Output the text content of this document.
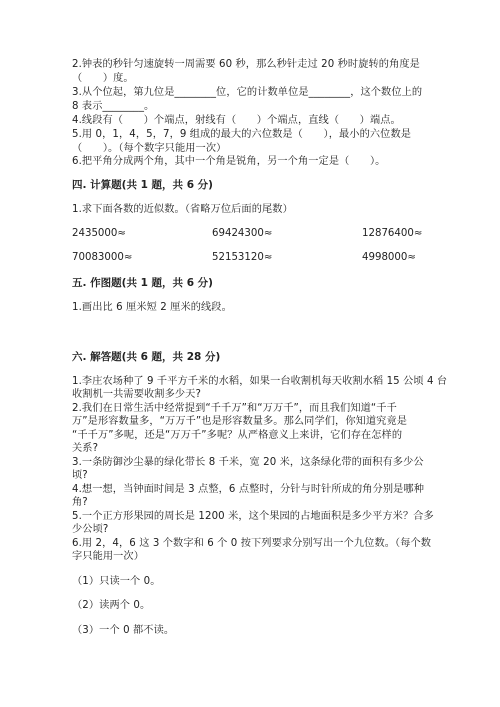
2.钟表的秒针匀速旋转一周需要 60 秒，那么秒针走过 20 秒时旋转的角度是
（　　）度。
3.从个位起，第九位是________位，它的计数单位是________，这个数位上的
8 表示________。
4.线段有（　　）个端点，射线有（　　）个端点，直线（　　）端点。
5.用 0，1，4，5，7，9 组成的最大的六位数是（　　），最小的六位数是
（　　）。（每个数字只能用一次）
6.把平角分成两个角，其中一个角是锐角，另一个角一定是（　　）。
四. 计算题(共 1 题，共 6 分)
1.求下面各数的近似数。（省略万位后面的尾数）
2435000≈	69424300≈	12876400≈
70083000≈	52153120≈	4998000≈
五. 作图题(共 1 题，共 6 分)
1.画出比 6 厘米短 2 厘米的线段。
六. 解答题(共 6 题，共 28 分)
1.李庄农场种了 9 千平方千米的水稻，如果一台收割机每天收割水稻 15 公顷 4 台
收割机一共需要收割多少天?
2.我们在日常生活中经常提到“千千万”和“万万千”，而且我们知道“千千
万”是形容数量多，“万万千”也是形容数量多。那么同学们，你知道究竟是
“千千万”多呢，还是“万万千”多呢？从严格意义上来讲，它们存在怎样的
关系?
3.一条防御沙尘暴的绿化带长 8 千米，宽 20 米，这条绿化带的面积有多少公
顷?
4.想一想，当钟面时间是 3 点整，6 点整时，分针与时针所成的角分别是哪种
角?
5.一个正方形果园的周长是 1200 米，这个果园的占地面积是多少平方米？合多
少公顷?
6.用 2，4，6 这 3 个数字和 6 个 0 按下列要求分别写出一个九位数。（每个数
字只能用一次）
（1）只读一个 0。
（2）读两个 0。
（3）一个 0 都不读。
